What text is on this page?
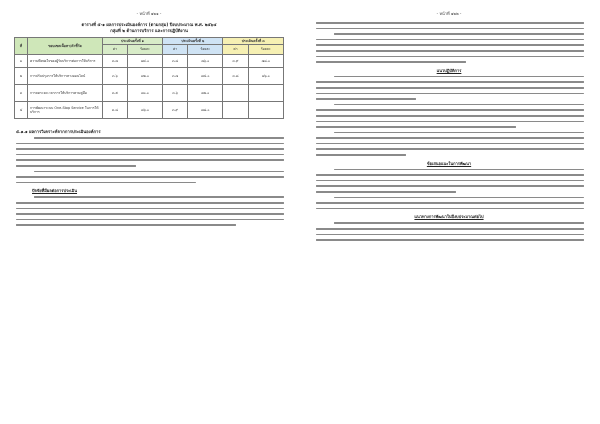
- หน้าที่ ๑๒๑ -
ตารางที่ ๕-๑ ผลการประเมินองค์การ (ตามกลุ่ม) ปีงบประมาณ พ.ศ. ๒๕๖๔
กลุ่มที่ ๒ ด้านการบริการ และการปฏิบัติงาน
ที่	ขอบเขตเนื้อหา/ตัวชี้วัด	ประเมินครั้งที่ ๑		ประเมินครั้งที่ ๒		ประเมินครั้งที่ ๓	
		ค่า	ร้อยละ	ค่า	ร้อยละ	ค่า	ร้อยละ
๑	ความพึงพอใจของผู้รับบริการต่อการให้บริการ	๓.๗	๗๔.๐	๓.๘	๗๖.๐	๓.๙	๗๘.๐
๒	การปรับปรุงการให้บริการทางออนไลน์	๓.๖	๗๒.๐	๓.๗	๗๔.๐	๓.๘	๗๖.๐
๓	การลดระยะเวลาการให้บริการตามคู่มือ	๓.๕	๗๐.๐	๓.๖	๗๒.๐		
๔	การพัฒนาระบบ One-Stop Service ในการให้บริการ	๓.๘	๗๖.๐	๓.๙	๗๘.๐		
๕.๑.๑ ผลการวิเคราะห์จากการประเมินองค์การ
ปัจจัยที่มีผลต่อการประเมิน
- หน้าที่ ๑๒๒ -
แนวปฏิบัติการ
ข้อเสนอแนะในการพัฒนา
แนวทางการพัฒนาในปีงบประมาณต่อไป
